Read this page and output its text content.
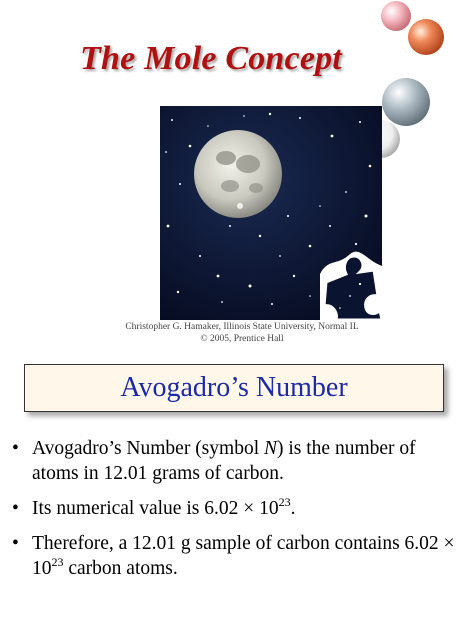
The Mole Concept
Christopher G. Hamaker, Illinois State University, Normal IL
© 2005, Prentice Hall
Avogadro’s Number
• Avogadro’s Number (symbol N) is the number of atoms in 12.01 grams of carbon.
• Its numerical value is $6.02 \times 10^{23}$.
• Therefore, a 12.01 g sample of carbon contains $6.02 \times 10^{23}$ carbon atoms.
